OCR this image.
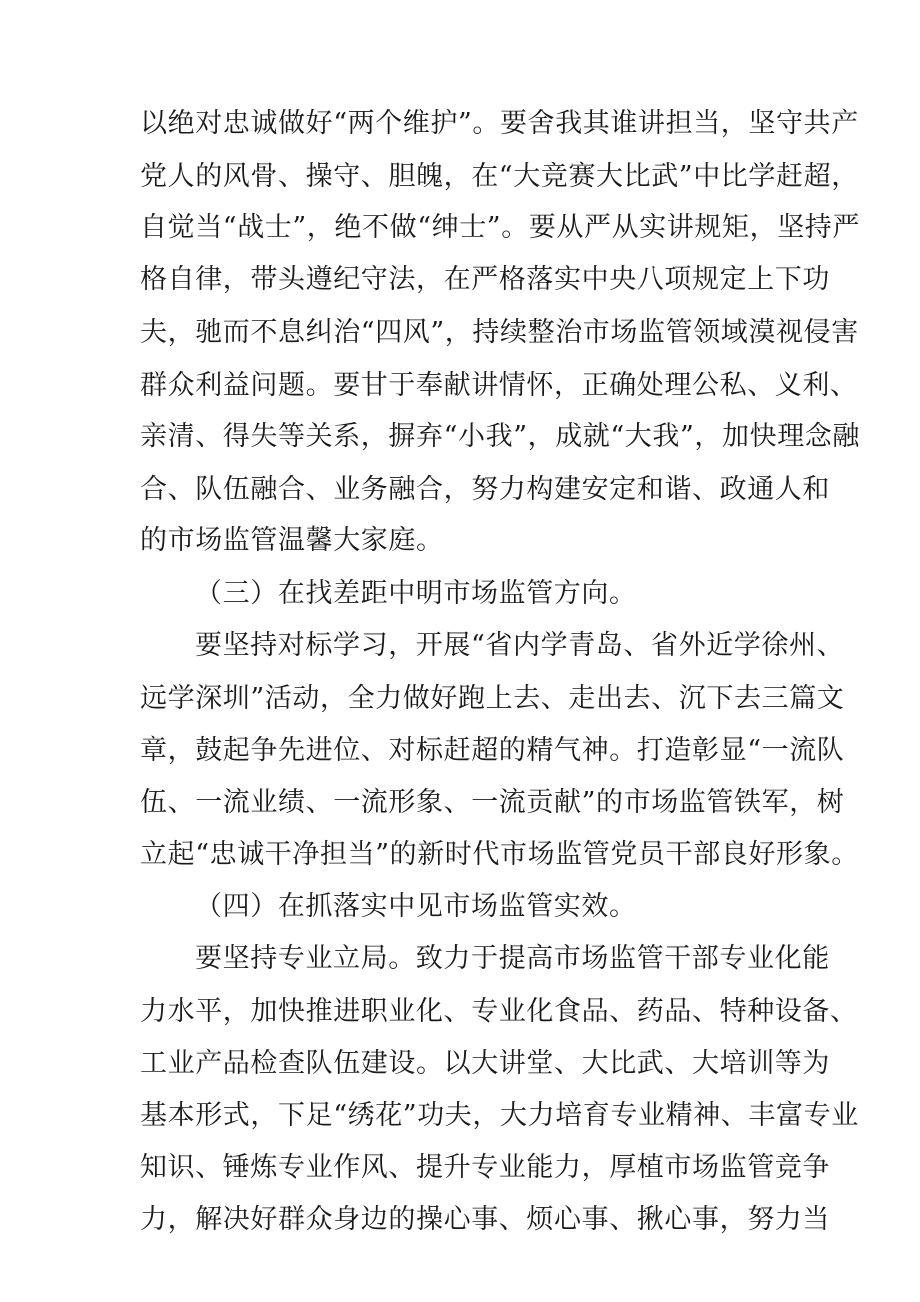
以绝对忠诚做好“两个维护”。要舍我其谁讲担当，坚守共产
党人的风骨、操守、胆魄，在“大竞赛大比武”中比学赶超，
自觉当“战士”，绝不做“绅士”。要从严从实讲规矩，坚持严
格自律，带头遵纪守法，在严格落实中央八项规定上下功
夫，驰而不息纠治“四风”，持续整治市场监管领域漠视侵害
群众利益问题。要甘于奉献讲情怀，正确处理公私、义利、
亲清、得失等关系，摒弃“小我”，成就“大我”，加快理念融
合、队伍融合、业务融合，努力构建安定和谐、政通人和
的市场监管温馨大家庭。
（三）在找差距中明市场监管方向。
要坚持对标学习，开展“省内学青岛、省外近学徐州、
远学深圳”活动，全力做好跑上去、走出去、沉下去三篇文
章，鼓起争先进位、对标赶超的精气神。打造彰显“一流队
伍、一流业绩、一流形象、一流贡献”的市场监管铁军，树
立起“忠诚干净担当”的新时代市场监管党员干部良好形象。
（四）在抓落实中见市场监管实效。
要坚持专业立局。致力于提高市场监管干部专业化能
力水平，加快推进职业化、专业化食品、药品、特种设备、
工业产品检查队伍建设。以大讲堂、大比武、大培训等为
基本形式，下足“绣花”功夫，大力培育专业精神、丰富专业
知识、锤炼专业作风、提升专业能力，厚植市场监管竞争
力，解决好群众身边的操心事、烦心事、揪心事，努力当
